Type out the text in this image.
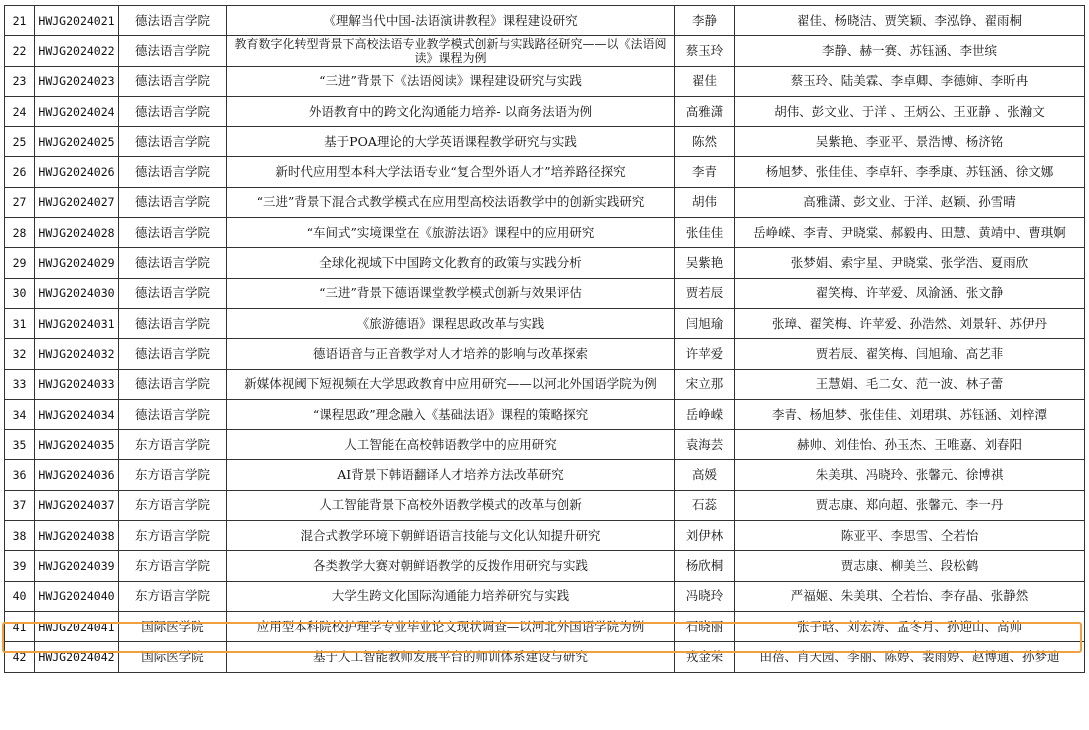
21	HWJG2024021	德法语言学院	《理解当代中国-法语演讲教程》课程建设研究	李静	翟佳、杨晓洁、贾笑颖、李泓铮、翟雨桐
22	HWJG2024022	德法语言学院	教育数字化转型背景下高校法语专业教学模式创新与实践路径研究——以《法语阅读》课程为例	蔡玉玲	李静、赫一赛、苏钰涵、李世缤
23	HWJG2024023	德法语言学院	“三进”背景下《法语阅读》课程建设研究与实践	翟佳	蔡玉玲、陆美霖、李卓卿、李德婶、李昕冉
24	HWJG2024024	德法语言学院	外语教育中的跨文化沟通能力培养- 以商务法语为例	高雅潇	胡伟、彭文业、于洋 、王炳公、王亚静 、张瀚文
25	HWJG2024025	德法语言学院	基于POA理论的大学英语课程教学研究与实践	陈然	吴紫艳、李亚平、景浩博、杨济铭
26	HWJG2024026	德法语言学院	新时代应用型本科大学法语专业“复合型外语人才”培养路径探究	李青	杨旭梦、张佳佳、李卓轩、李季康、苏钰涵、徐文娜
27	HWJG2024027	德法语言学院	“三进”背景下混合式教学模式在应用型高校法语教学中的创新实践研究	胡伟	高雅潇、彭文业、于洋、赵颖、孙雪晴
28	HWJG2024028	德法语言学院	“车间式”实境课堂在《旅游法语》课程中的应用研究	张佳佳	岳峥嵘、李青、尹晓棠、郝毅冉、田慧、黄靖中、曹琪婀
29	HWJG2024029	德法语言学院	全球化视域下中国跨文化教育的政策与实践分析	吴紫艳	张梦娟、索宇星、尹晓棠、张学浩、夏雨欣
30	HWJG2024030	德法语言学院	“三进”背景下德语课堂教学模式创新与效果评估	贾若辰	翟笑梅、许苹爱、凤渝涵、张文静
31	HWJG2024031	德法语言学院	《旅游德语》课程思政改革与实践	闫旭瑜	张璋、翟笑梅、许苹爱、孙浩然、刘景轩、苏伊丹
32	HWJG2024032	德法语言学院	德语语音与正音教学对人才培养的影响与改革探索	许苹爱	贾若辰、翟笑梅、闫旭瑜、高艺菲
33	HWJG2024033	德法语言学院	新媒体视阈下短视频在大学思政教育中应用研究——以河北外国语学院为例	宋立那	王慧娟、毛二女、范一波、林子蕾
34	HWJG2024034	德法语言学院	“课程思政”理念融入《基础法语》课程的策略探究	岳峥嵘	李青、杨旭梦、张佳佳、刘珺琪、苏钰涵、刘梓潭
35	HWJG2024035	东方语言学院	人工智能在高校韩语教学中的应用研究	袁海芸	赫帅、刘佳怡、孙玉杰、王唯嘉、刘春阳
36	HWJG2024036	东方语言学院	AI背景下韩语翻译人才培养方法改革研究	高媛	朱美琪、冯晓玲、张馨元、徐博祺
37	HWJG2024037	东方语言学院	人工智能背景下高校外语教学模式的改革与创新	石蕊	贾志康、郑向超、张馨元、李一丹
38	HWJG2024038	东方语言学院	混合式教学环境下朝鲜语语言技能与文化认知提升研究	刘伊林	陈亚平、李思雪、仝若怡
39	HWJG2024039	东方语言学院	各类教学大赛对朝鲜语教学的反拨作用研究与实践	杨欣桐	贾志康、柳美兰、段松鹤
40	HWJG2024040	东方语言学院	大学生跨文化国际沟通能力培养研究与实践	冯晓玲	严福姬、朱美琪、仝若怡、李存晶、张静然
41	HWJG2024041	国际医学院	应用型本科院校护理学专业毕业论文现状调查—以河北外国语学院为例	石晓丽	张子晗、刘宏涛、孟冬月、孙迎山、高帅
42	HWJG2024042	国际医学院	基于人工智能教师发展平台的师训体系建设与研究	戎金荣	田蓓、肖天园、李丽、陈婷、裴雨婷、赵博通、孙梦迪
